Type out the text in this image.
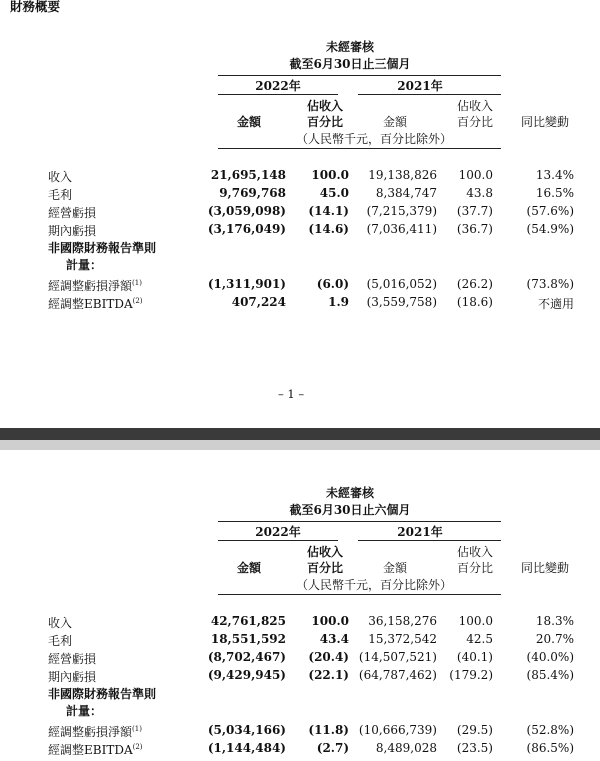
財務概要
未經審核
截至6月30日止三個月
2022年	2021年
佔收入	佔收入
金額	百分比	金額	百分比	同比變動
（人民幣千元，百分比除外）
收入	21,695,148	100.0	19,138,826	100.0	13.4%
毛利	9,769,768	45.0	8,384,747	43.8	16.5%
經營虧損	(3,059,098)	(14.1)	(7,215,379)	(37.7)	(57.6%)
期內虧損	(3,176,049)	(14.6)	(7,036,411)	(36.7)	(54.9%)
非國際財務報告準則
計量：
經調整虧損淨額$^{(1)}$	(1,311,901)	(6.0)	(5,016,052)	(26.2)	(73.8%)
經調整EBITDA$^{(2)}$	407,224	1.9	(3,559,758)	(18.6)	不適用
– 1 –
未經審核
截至6月30日止六個月
2022年	2021年
佔收入	佔收入
金額	百分比	金額	百分比	同比變動
（人民幣千元，百分比除外）
收入	42,761,825	100.0	36,158,276	100.0	18.3%
毛利	18,551,592	43.4	15,372,542	42.5	20.7%
經營虧損	(8,702,467)	(20.4) (14,507,521)	(40.1)	(40.0%)
期內虧損	(9,429,945)	(22.1) (64,787,462) (179.2)	(85.4%)
非國際財務報告準則
計量：
經調整虧損淨額$^{(1)}$	(5,034,166)	(11.8) (10,666,739)	(29.5)	(52.8%)
經調整EBITDA$^{(2)}$	(1,144,484)	(2.7)	8,489,028	(23.5)	(86.5%)
